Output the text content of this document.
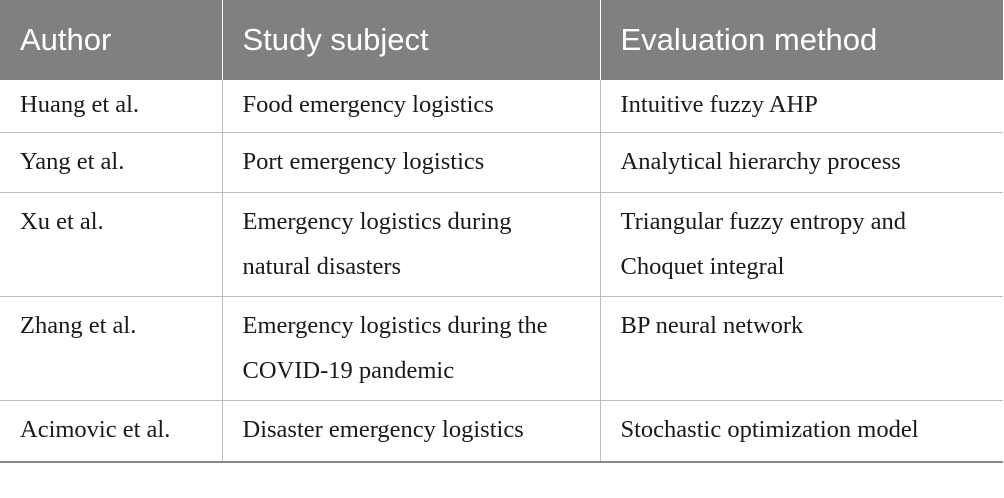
Author	Study subject	Evaluation method
Huang et al.	Food emergency logistics	Intuitive fuzzy AHP
Yang et al.	Port emergency logistics	Analytical hierarchy process
Xu et al.	Emergency logistics during natural disasters	Triangular fuzzy entropy and Choquet integral
Zhang et al.	Emergency logistics during the COVID-19 pandemic	BP neural network
Acimovic et al.	Disaster emergency logistics	Stochastic optimization model
